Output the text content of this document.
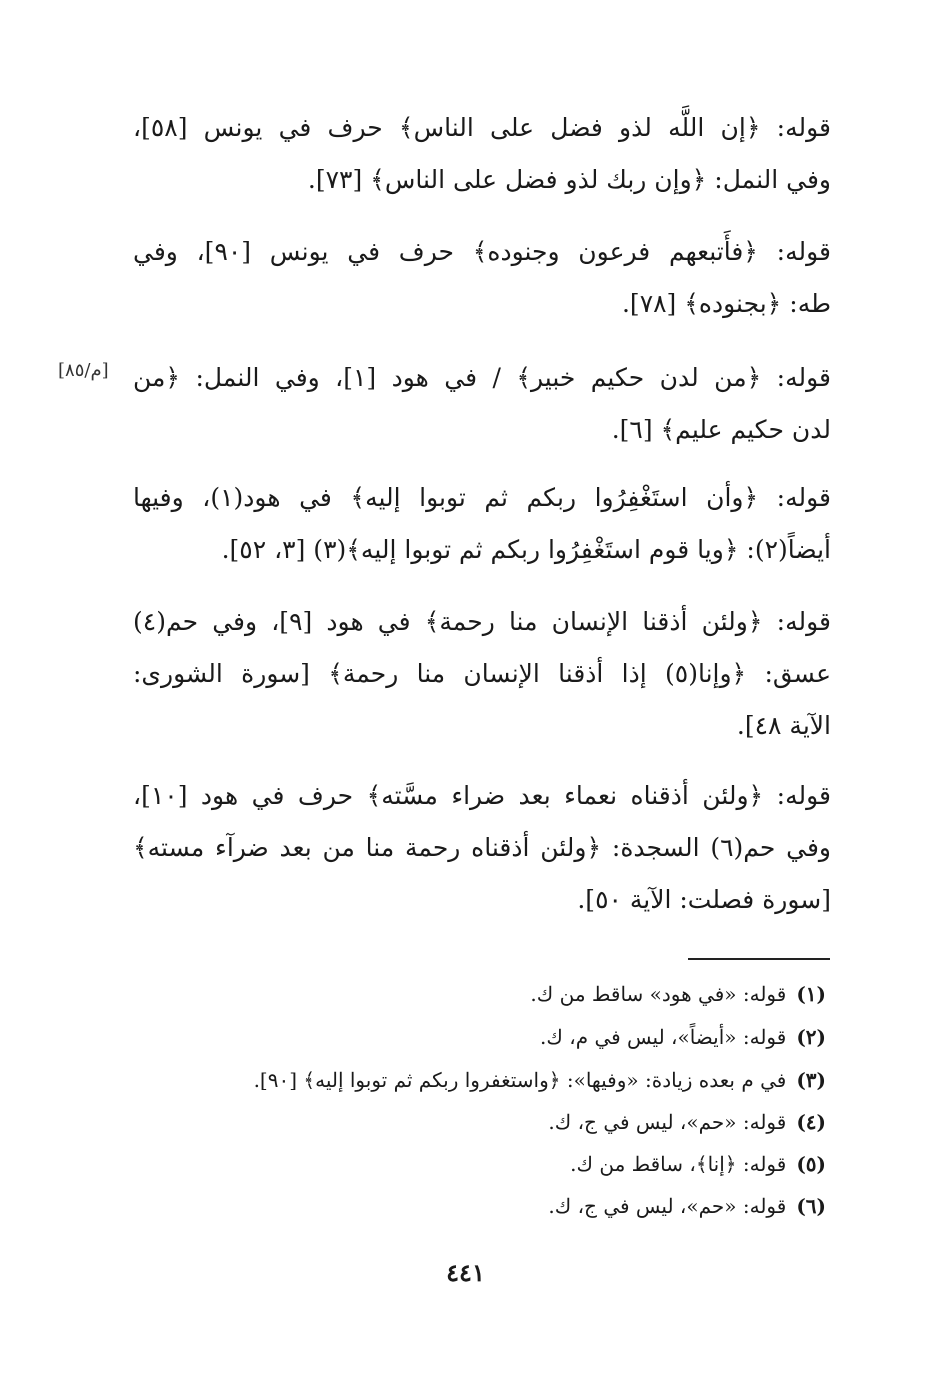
قوله: ﴿إن اللَّه لذو فضل على الناس﴾ حرف في يونس [٥٨]،
وفي النمل: ﴿وإن ربك لذو فضل على الناس﴾ [٧٣].
قوله: ﴿فأَتبعهم فرعون وجنوده﴾ حرف في يونس [٩٠]، وفي
طه: ﴿بجنوده﴾ [٧٨].
قوله: ﴿من لدن حكيم خبير﴾ / في هود [١]، وفي النمل: ﴿من
لدن حكيم عليم﴾ [٦].
[م/٨٥]
قوله: ﴿وأن استَغْفِرُوا ربكم ثم توبوا إليه﴾ في هود(١)، وفيها
أيضاً(٢): ﴿ويا قوم استَغْفِرُوا ربكم ثم توبوا إليه﴾(٣) [٣، ٥٢].
قوله: ﴿ولئن أذقنا الإنسان منا رحمة﴾ في هود [٩]، وفي حم(٤)
عسق: ﴿وإنا(٥) إذا أذقنا الإنسان منا رحمة﴾ [سورة الشورى:
الآية ٤٨].
قوله: ﴿ولئن أذقناه نعماء بعد ضراء مسَّته﴾ حرف في هود [١٠]،
وفي حم(٦) السجدة: ﴿ولئن أذقناه رحمة منا من بعد ضرآء مسته﴾
[سورة فصلت: الآية ٥٠].
(١)قوله: «في هود» ساقط من ك.
(٢)قوله: «أيضاً»، ليس في م، ك.
(٣)في م بعده زيادة: «وفيها»: ﴿واستغفروا ربكم ثم توبوا إليه﴾ [٩٠].
(٤)قوله: «حم»، ليس في ج، ك.
(٥)قوله: ﴿إنا﴾، ساقط من ك.
(٦)قوله: «حم»، ليس في ج، ك.
٤٤١
